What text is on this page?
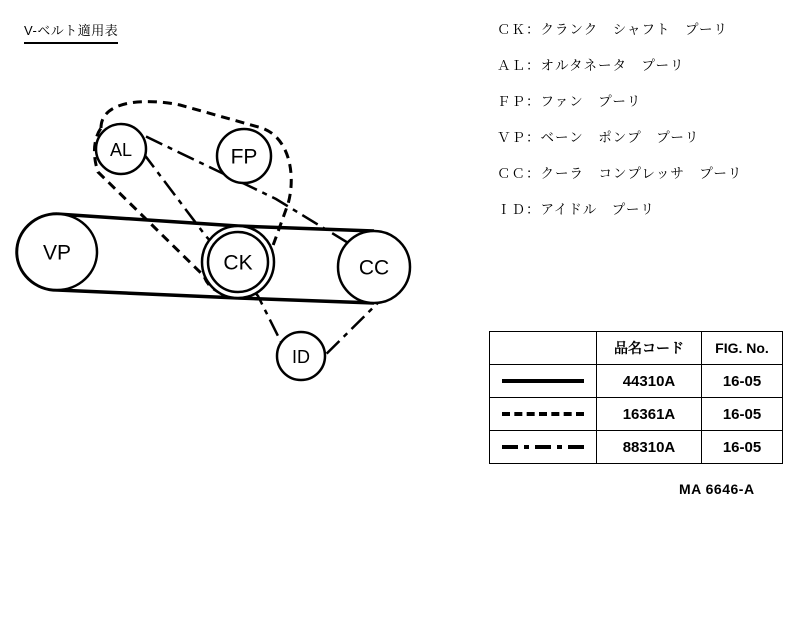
V-ベルト適用表	ＣＫ：クランク　シャフト　プーリ
ＡＬ：オルタネータ　プーリ
ＦＰ：ファン　プーリ
ＶＰ：ベーン　ポンプ　プーリ
ＣＣ：クーラ　コンプレッサ　プーリ
ＩＤ：アイドル　プーリ
VP
AL	FP
CK	CC
ID
		品名コード	FIG. No.

	44310A	16-05

	16361A	16-05

	88310A	16-05
MA 6646-A
